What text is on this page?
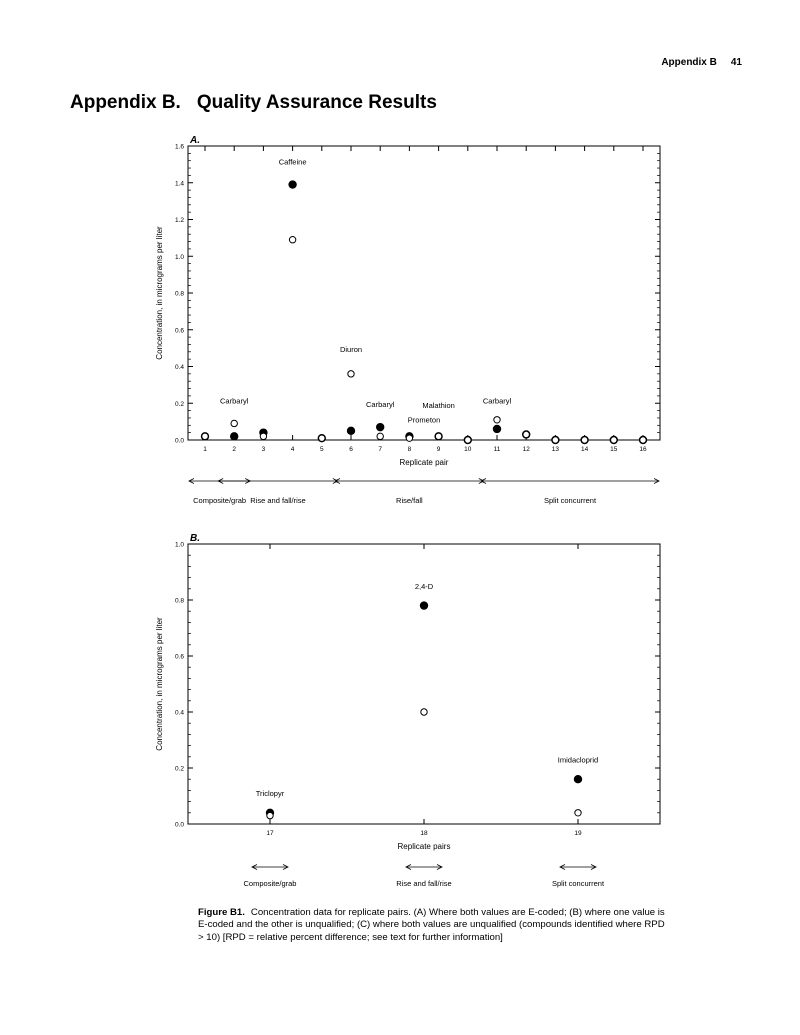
Appendix B 41
Appendix B. Quality Assurance Results
A.
0.0
0.2
0.4
0.6
0.8
1.0
1.2
1.4
1.6
1	2	3	4	5	6	7	8	9	10	11	12	13	14	15	16
Replicate pair
Concentration, in micrograms per liter
Caffeine
Diuron
Carbaryl	Carbaryl	Malathion
Prometon
Carbaryl
Composite/grab Rise and fall/rise	Rise/fall	Split concurrent
B.
0.0
0.2
0.4
0.6
0.8
1.0
17	18	19
Replicate pairs
Concentration, in micrograms per liter
Triclopyr
2,4-D
Imidacloprid
Composite/grab	Rise and fall/rise	Split concurrent
Figure B1. Concentration data for replicate pairs. (A) Where both values are E-coded; (B) where one value is E-coded and the other is unqualified; (C) where both values are unqualified (compounds identified where RPD > 10) [RPD = relative percent difference; see text for further information]
